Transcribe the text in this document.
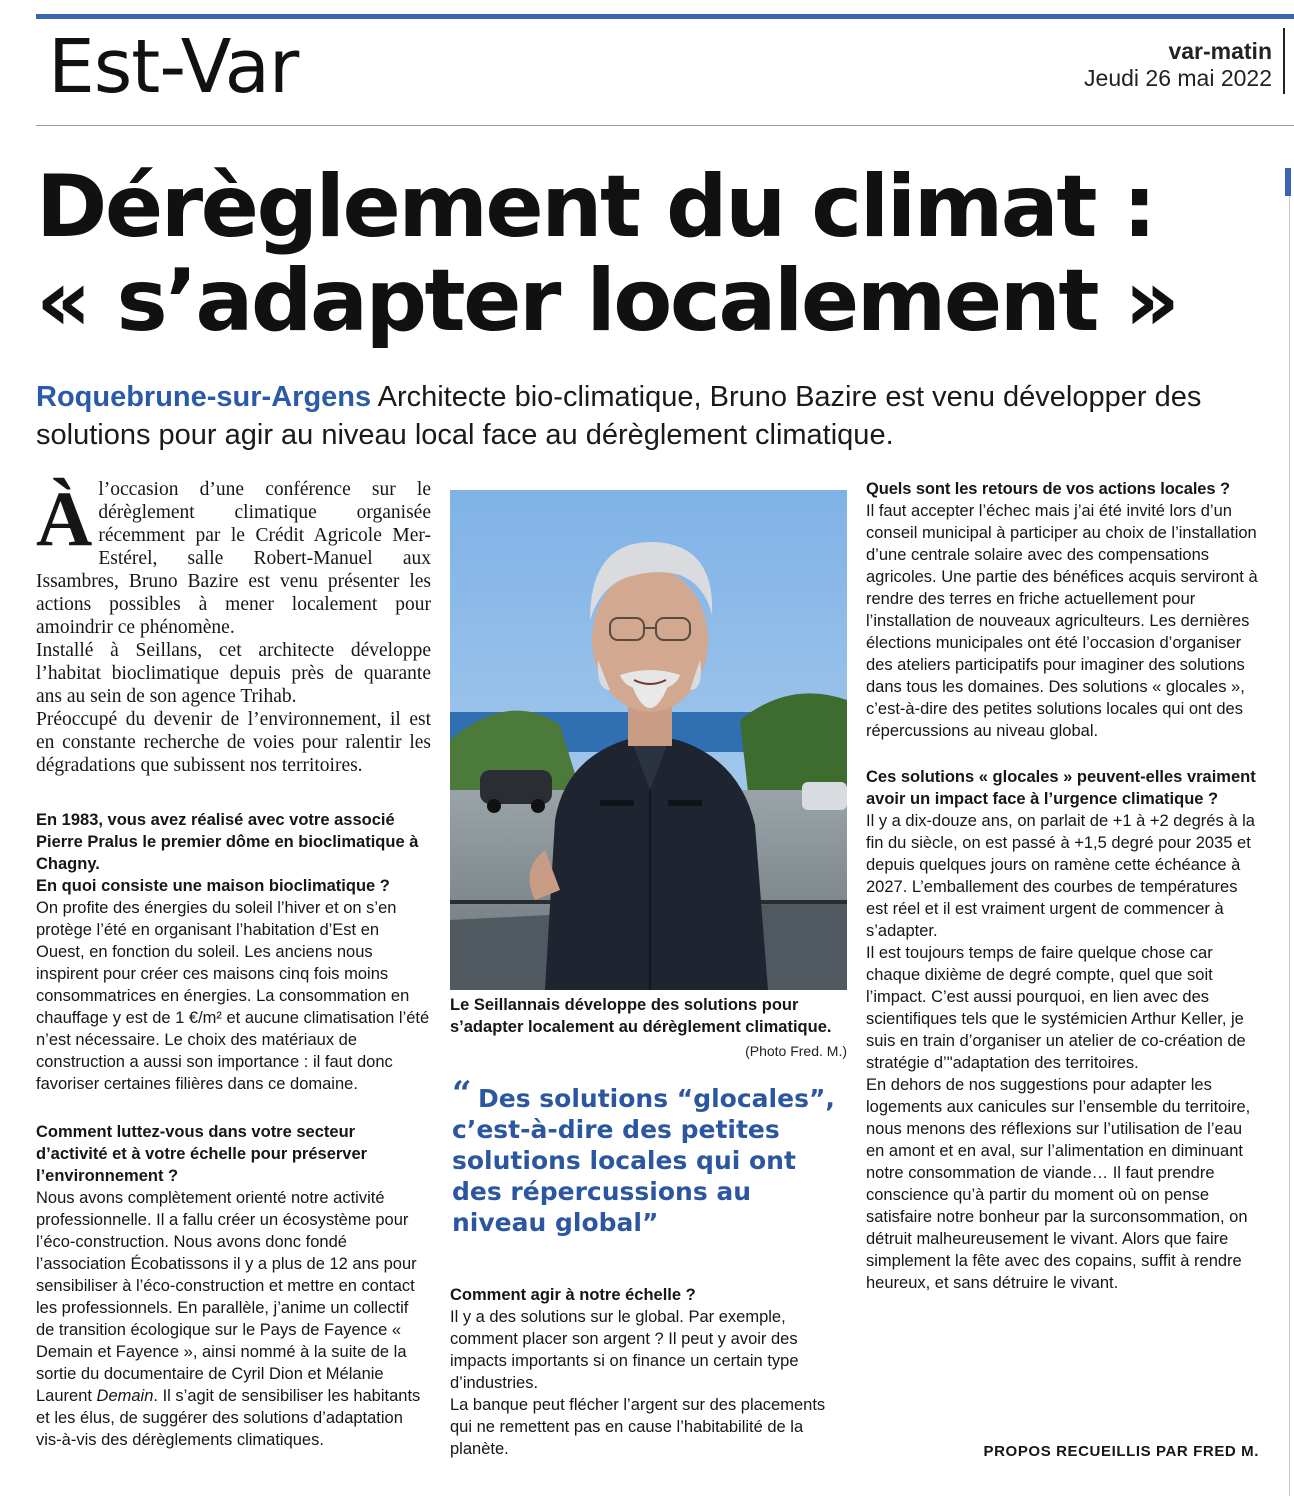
Est-Var	var-matin
Jeudi 26 mai 2022
Dérèglement du climat :
« s’adapter localement »
Roquebrune-sur-Argens Architecte bio-climatique, Bruno Bazire est venu développer des solutions pour agir au niveau local face au dérèglement climatique.

Àl’occasion d’une conférence sur le dérèglement climatique organisée récemment par le Crédit Agricole Mer-Estérel, salle Robert-Manuel aux Issambres, Bruno Bazire est venu présenter les actions possibles à mener localement pour amoindrir ce phénomène.

Installé à Seillans, cet architecte développe l’habitat bioclimatique depuis près de quarante ans au sein de son agence Trihab.

Préoccupé du devenir de l’environnement, il est en constante recherche de voies pour ralentir les dégradations que subissent nos territoires.

En 1983, vous avez réalisé avec votre associé Pierre Pralus le premier dôme en bioclimatique à Chagny.

En quoi consiste une maison bioclimatique ?

On profite des énergies du soleil l’hiver et on s’en protège l’été en organisant l’habitation d’Est en Ouest, en fonction du soleil. Les anciens nous inspirent pour créer ces maisons cinq fois moins consommatrices en énergies. La consommation en chauffage y est de 1 €/m² et aucune climatisation l’été n’est nécessaire. Le choix des matériaux de construction a aussi son importance : il faut donc favoriser certaines filières dans ce domaine.

Comment luttez-vous dans votre secteur d’activité et à votre échelle pour préserver l’environnement ?

Nous avons complètement orienté notre activité professionnelle. Il a fallu créer un écosystème pour l’éco-construction. Nous avons donc fondé l’association Écobatissons il y a plus de 12 ans pour sensibiliser à l’éco-construction et mettre en contact les professionnels. En parallèle, j’anime un collectif de transition écologique sur le Pays de Fayence « Demain et Fayence », ainsi nommé à la suite de la sortie du documentaire de Cyril Dion et Mélanie Laurent Demain. Il s’agit de sensibiliser les habitants et les élus, de suggérer des solutions d’adaptation vis-à-vis des dérèglements climatiques.

Le Seillannais développe des solutions pour s’adapter localement au dérèglement climatique.
(Photo Fred. M.)
“ Des solutions “glocales”, c’est-à-dire des petites solutions locales qui ont des répercussions au niveau global”

Comment agir à notre échelle ?

Il y a des solutions sur le global. Par exemple, comment placer son argent ? Il peut y avoir des impacts importants si on finance un certain type d’industries.

La banque peut flécher l’argent sur des placements qui ne remettent pas en cause l’habitabilité de la planète.

Quels sont les retours de vos actions locales ?

Il faut accepter l’échec mais j’ai été invité lors d’un conseil municipal à participer au choix de l’installation d’une centrale solaire avec des compensations agricoles. Une partie des bénéfices acquis serviront à rendre des terres en friche actuellement pour l’installation de nouveaux agriculteurs. Les dernières élections municipales ont été l’occasion d’organiser des ateliers participatifs pour imaginer des solutions dans tous les domaines. Des solutions « glocales », c’est-à-dire des petites solutions locales qui ont des répercussions au niveau global.

Ces solutions « glocales » peuvent-elles vraiment avoir un impact face à l’urgence climatique ?

Il y a dix-douze ans, on parlait de +1 à +2 degrés à la fin du siècle, on est passé à +1,5 degré pour 2035 et depuis quelques jours on ramène cette échéance à 2027. L’emballement des courbes de températures est réel et il est vraiment urgent de commencer à s’adapter.

Il est toujours temps de faire quelque chose car chaque dixième de degré compte, quel que soit l’impact. C’est aussi pourquoi, en lien avec des scientifiques tels que le systémicien Arthur Keller, je suis en train d’organiser un atelier de co-création de stratégie d’"adaptation des territoires.

En dehors de nos suggestions pour adapter les logements aux canicules sur l’ensemble du territoire, nous menons des réflexions sur l’utilisation de l’eau en amont et en aval, sur l’alimentation en diminuant notre consommation de viande… Il faut prendre conscience qu’à partir du moment où on pense satisfaire notre bonheur par la surconsommation, on détruit malheureusement le vivant. Alors que faire simplement la fête avec des copains, suffit à rendre heureux, et sans détruire le vivant.

PROPOS RECUEILLIS PAR FRED M.
